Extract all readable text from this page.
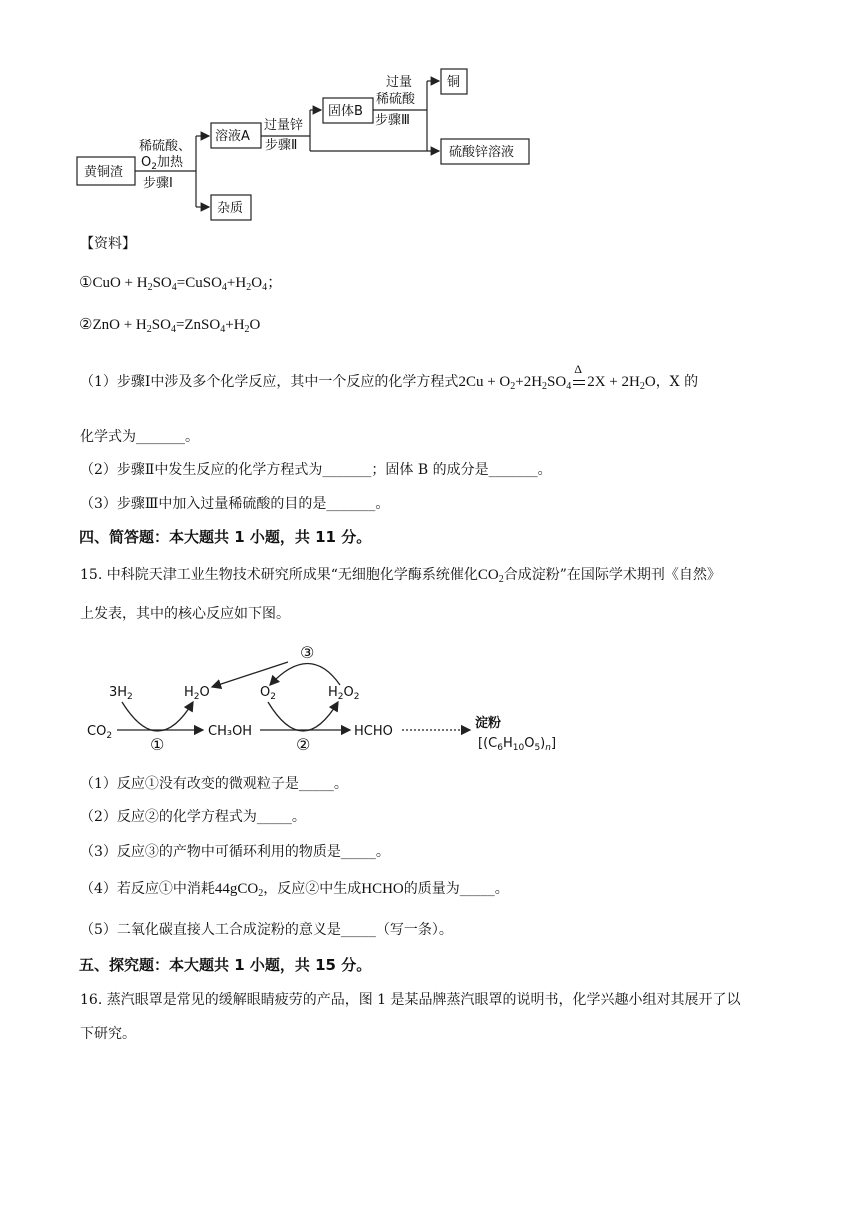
黄铜渣
稀硫酸、
$O_2$加热
步骤Ⅰ
溶液A
杂质
过量锌
步骤Ⅱ
固体B
过量
稀硫酸
步骤Ⅲ
铜
硫酸锌溶液
【资料】
①CuO + $H_2SO_4=CuSO_4+H_2O_4$；
②ZnO + $H_2SO_4=ZnSO_4+H_2O$
（1）步骤Ⅰ中涉及多个化学反应，其中一个反应的化学方程式$2Cu + O_2+2H_2SO_4$
Δ
$2X + 2H_2O$，X 的
化学式为_______。
（2）步骤Ⅱ中发生反应的化学方程式为_______；固体 B 的成分是_______。
（3）步骤Ⅲ中加入过量稀硫酸的目的是_______。
四、简答题：本大题共 1 小题，共 11 分。
15. 中科院天津工业生物技术研究所成果“无细胞化学酶系统催化$CO_2$合成淀粉”在国际学术期刊《自然》
上发表，其中的核心反应如下图。
③
$3H_2$	$H_2O$	$O_2$	$H_2O_2$
$CO_2$ ①
CH₃OH
②
HCHO
淀粉
$[(C_6H_{10}O_5)_n]$
（1）反应①没有改变的微观粒子是_____。
（2）反应②的化学方程式为_____。
（3）反应③的产物中可循环利用的物质是_____。
（4）若反应①中消耗44gCO$_2$，反应②中生成HCHO的质量为_____。
（5）二氧化碳直接人工合成淀粉的意义是_____（写一条）。
五、探究题：本大题共 1 小题，共 15 分。
16. 蒸汽眼罩是常见的缓解眼睛疲劳的产品，图 1 是某品牌蒸汽眼罩的说明书，化学兴趣小组对其展开了以
下研究。
